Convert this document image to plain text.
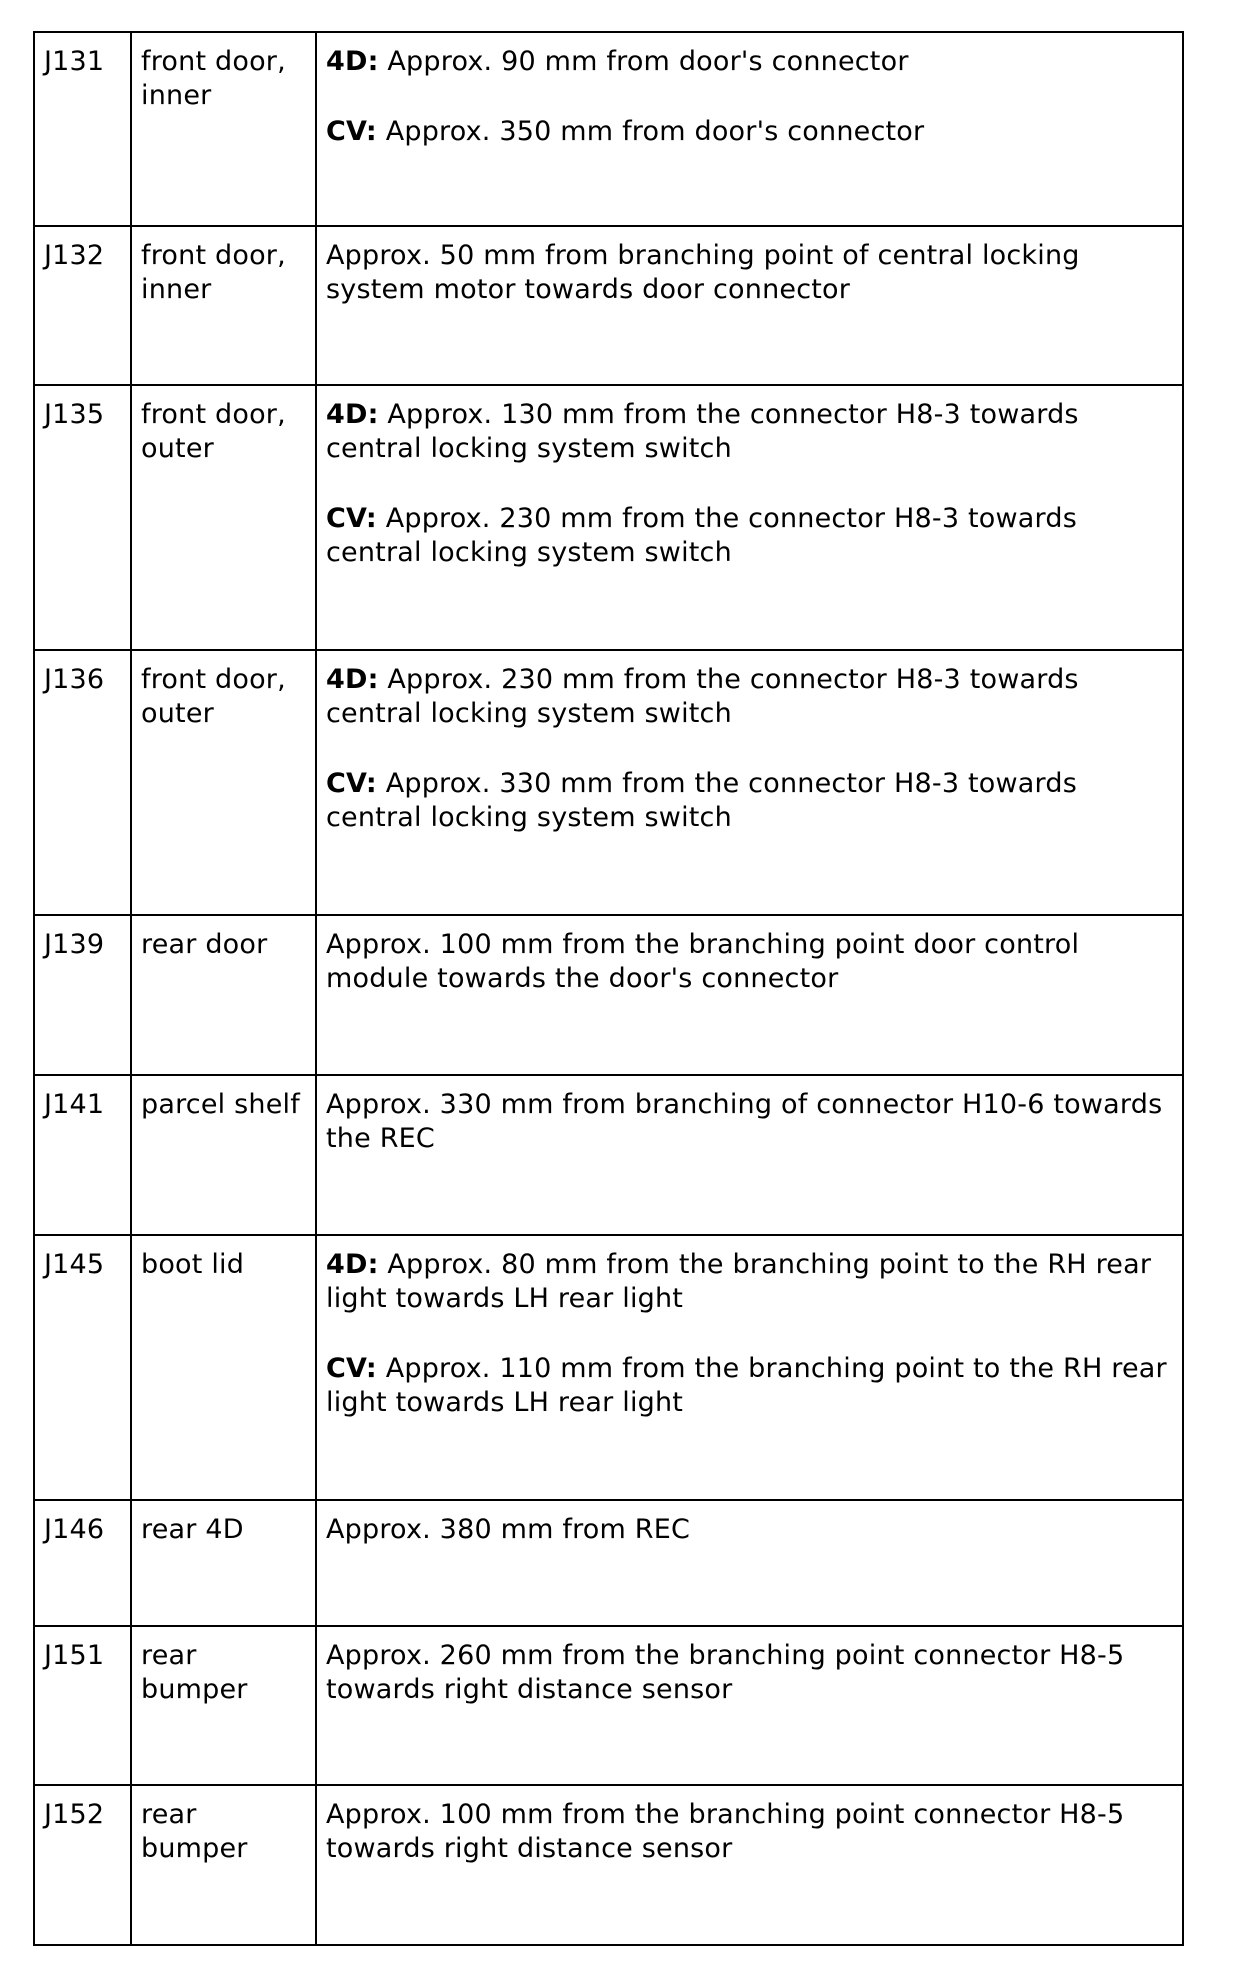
J131	front door, inner	4D: Approx. 90 mm from door's connector

CV: Approx. 350 mm from door's connector

J132	front door, inner	Approx. 50 mm from branching point of central locking system motor towards door connector

J135	front door, outer	4D: Approx. 130 mm from the connector H8-3 towards central locking system switch

CV: Approx. 230 mm from the connector H8-3 towards central locking system switch

J136	front door, outer	4D: Approx. 230 mm from the connector H8-3 towards central locking system switch

CV: Approx. 330 mm from the connector H8-3 towards central locking system switch

J139	rear door	Approx. 100 mm from the branching point door control module towards the door's connector

J141	parcel shelf	Approx. 330 mm from branching of connector H10-6 towards the REC

J145	boot lid	4D: Approx. 80 mm from the branching point to the RH rear light towards LH rear light

CV: Approx. 110 mm from the branching point to the RH rear light towards LH rear light

J146	rear 4D	Approx. 380 mm from REC

J151	rear bumper	Approx. 260 mm from the branching point connector H8-5 towards right distance sensor

J152	rear bumper	Approx. 100 mm from the branching point connector H8-5 towards right distance sensor
